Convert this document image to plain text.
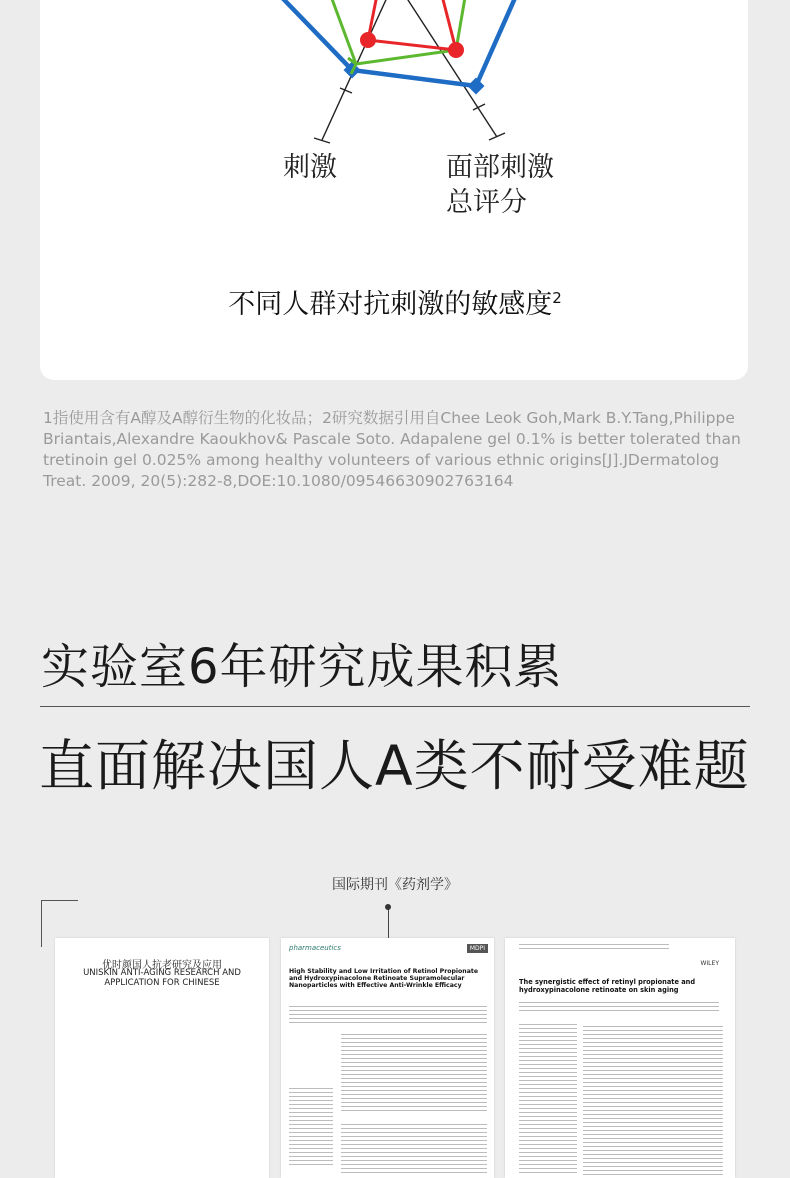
刺激	面部刺激
总评分
不同人群对抗刺激的敏感度$^2$
1指使用含有A醇及A醇衍生物的化妆品；2研究数据引用自Chee Leok Goh,Mark B.Y.Tang,Philippe Briantais,Alexandre Kaoukhov& Pascale Soto. Adapalene gel 0.1% is better tolerated than tretinoin gel 0.025% among healthy volunteers of various ethnic origins[J].JDermatolog Treat. 2009, 20(5):282-8,DOE:10.1080/09546630902763164
实验室6年研究成果积累
直面解决国人A类不耐受难题
国际期刊《药剂学》
优时颜国人抗老研究及应用
UNISKIN ANTI-AGING RESEARCH AND APPLICATION FOR CHINESE
pharmaceutics	MDPI
High Stability and Low Irritation of Retinol Propionate and Hydroxypinacolone Retinoate Supramolecular Nanoparticles with Effective Anti-Wrinkle Efficacy
WILEY
The synergistic effect of retinyl propionate and hydroxypinacolone retinoate on skin aging
